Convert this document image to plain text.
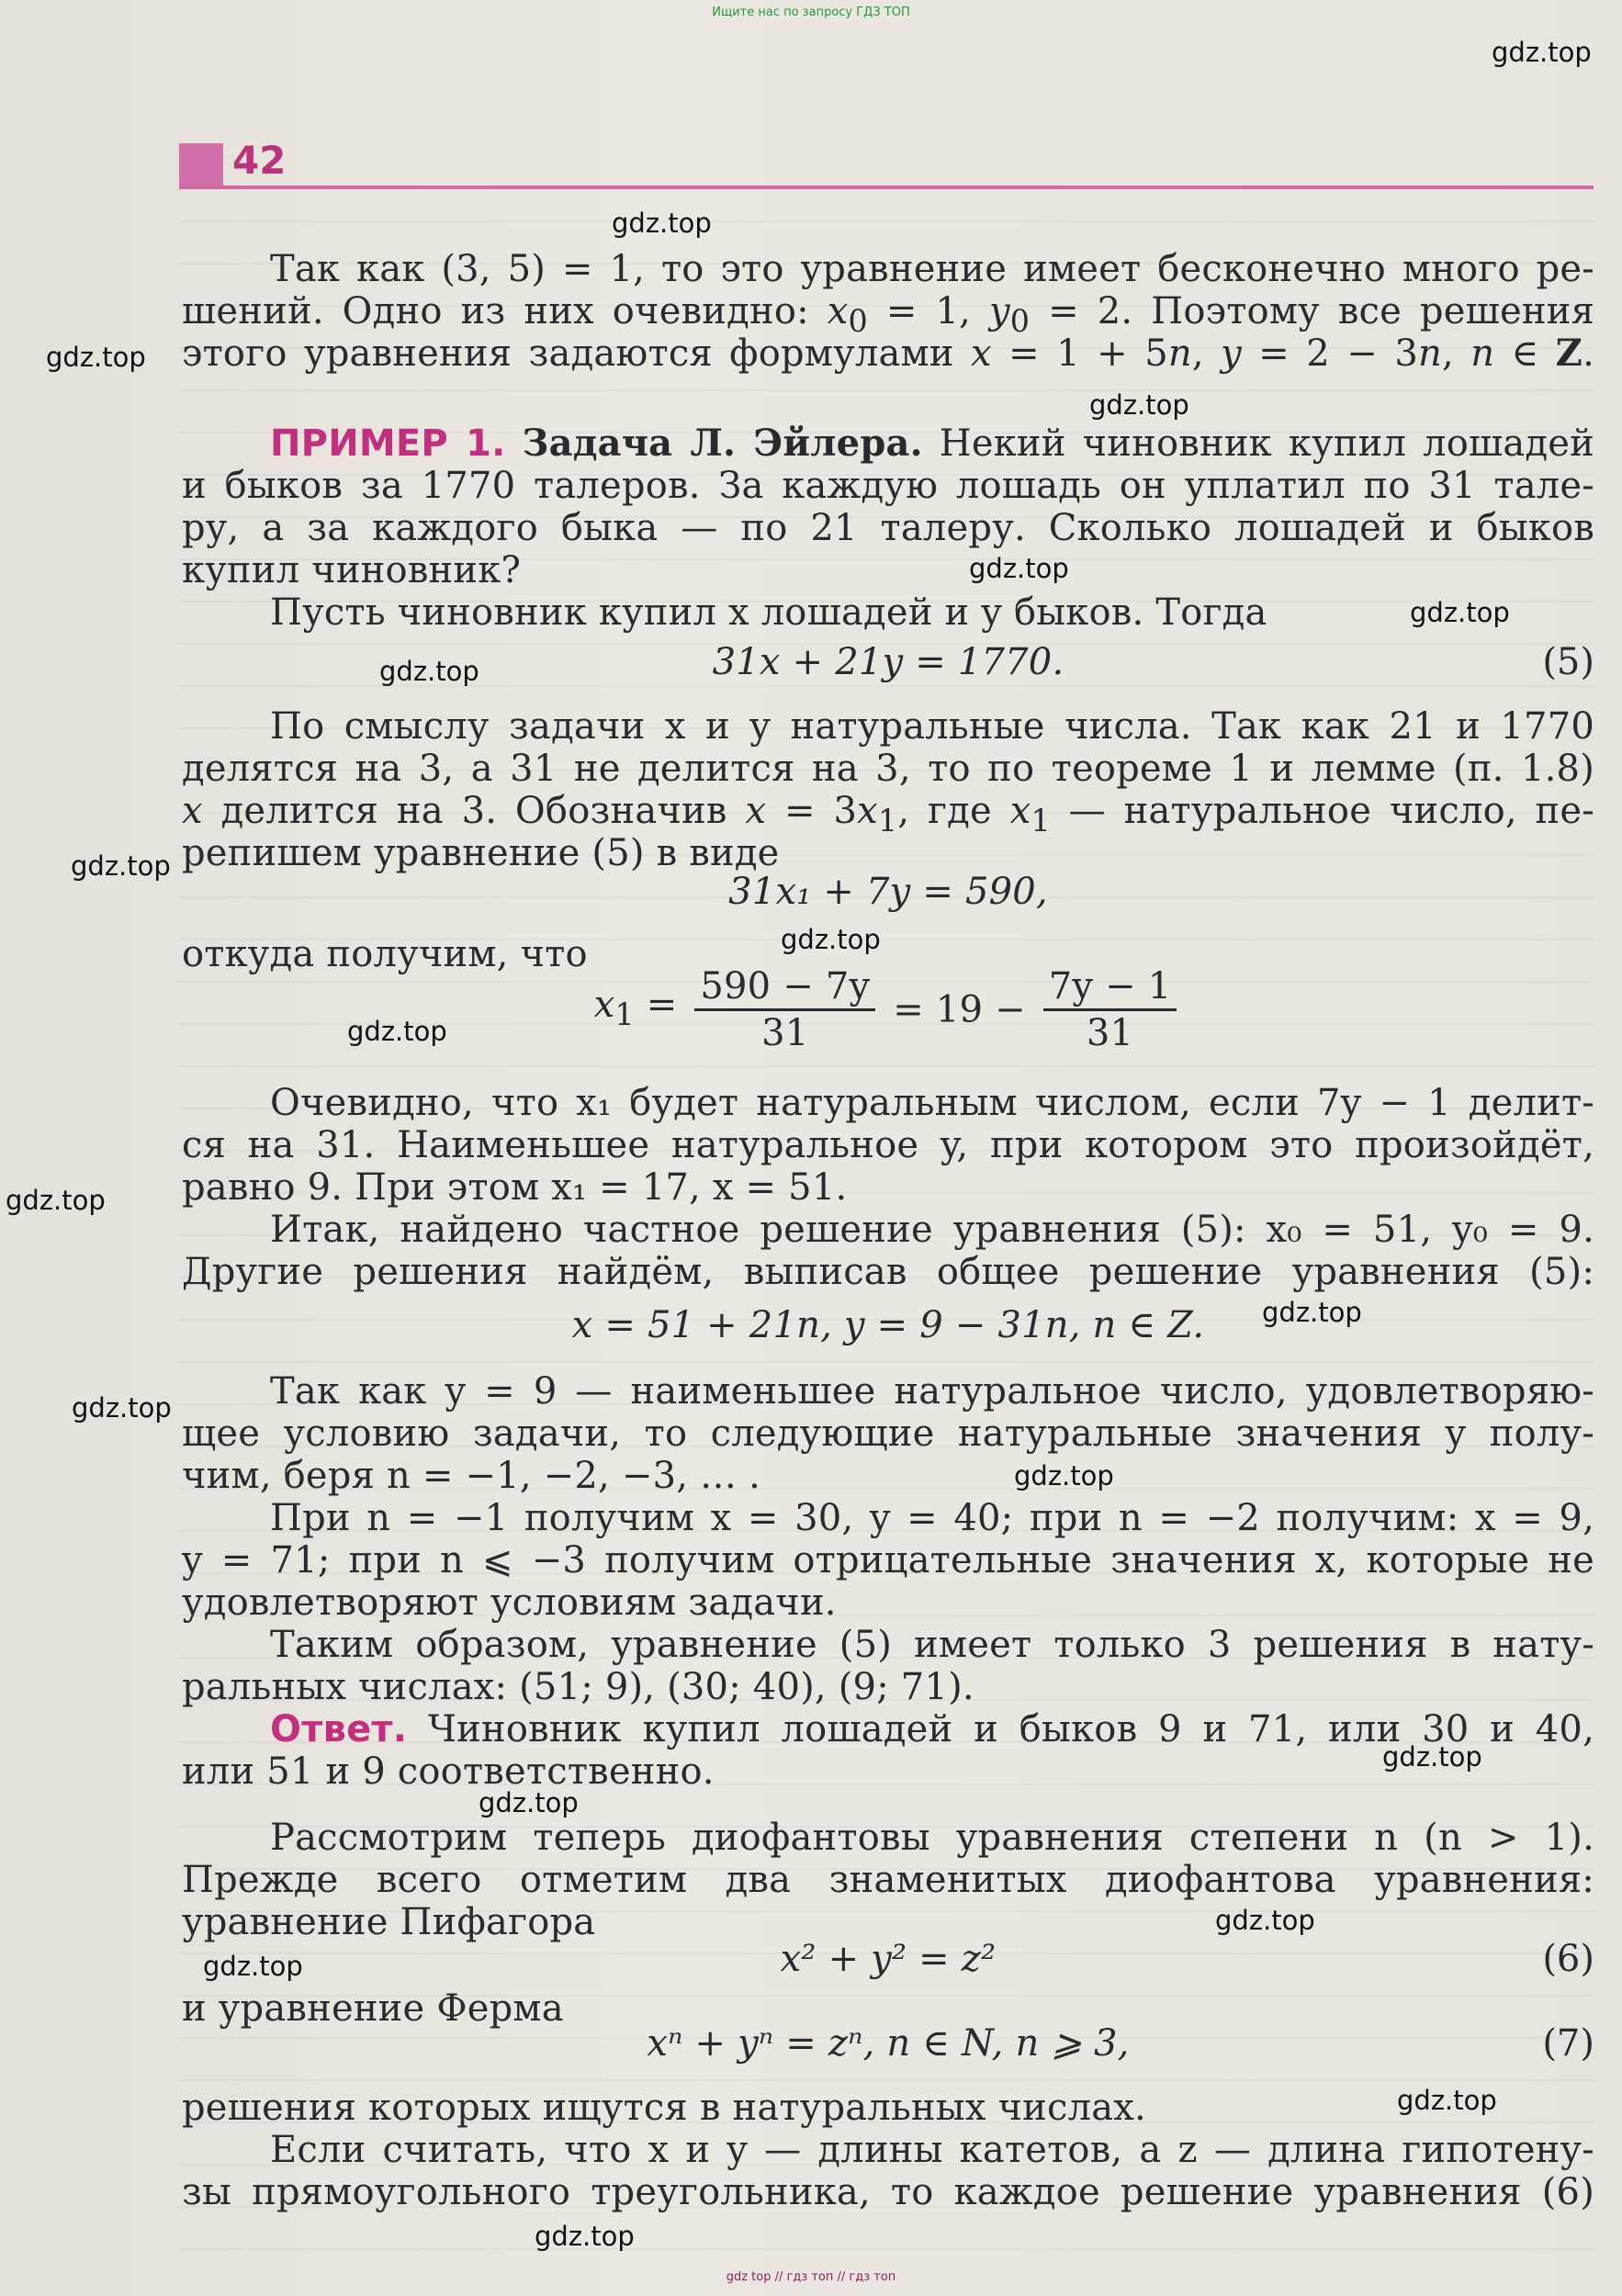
Ищите нас по запросу ГДЗ ТОП
gdz.top
gdz.top
gdz.top
gdz.top
gdz.top
gdz.top
gdz.top
gdz.top
gdz.top
gdz.top
gdz.top
gdz.top
gdz.top
gdz.top
gdz.top
gdz.top
gdz.top
gdz.top
gdz.top
gdz.top
42
Так как (3, 5) = 1, то это уравнение имеет бесконечно много ре-
шений. Одно из них очевидно: $x_0 = 1$, $y_0 = 2$. Поэтому все решения
этого уравнения задаются формулами x = 1 + 5n, y = 2 − 3n, n ∈ Z.
ПРИМЕР 1. Задача Л. Эйлера. Некий чиновник купил лошадей
и быков за 1770 талеров. За каждую лошадь он уплатил по 31 тале-
ру, а за каждого быка — по 21 талеру. Сколько лошадей и быков
купил чиновник?
Пусть чиновник купил x лошадей и y быков. Тогда
31x + 21y = 1770.	(5)
По смыслу задачи x и y натуральные числа. Так как 21 и 1770
делятся на 3, а 31 не делится на 3, то по теореме 1 и лемме (п. 1.8)
x делится на 3. Обозначив $x = 3x_1$, где $x_1$ — натуральное число, пе-
репишем уравнение (5) в виде
31x₁ + 7y = 590,
откуда получим, что
$x_1 = \frac{590 - 7y}{31} = 19 - \frac{7y - 1}{31}$
Очевидно, что x₁ будет натуральным числом, если 7y − 1 делит-
ся на 31. Наименьшее натуральное y, при котором это произойдёт,
равно 9. При этом x₁ = 17, x = 51.
Итак, найдено частное решение уравнения (5): x₀ = 51, y₀ = 9.
Другие решения найдём, выписав общее решение уравнения (5):
x = 51 + 21n, y = 9 − 31n, n ∈ Z.
Так как y = 9 — наименьшее натуральное число, удовлетворяю-
щее условию задачи, то следующие натуральные значения y полу-
чим, беря n = −1, −2, −3, … .
При n = −1 получим x = 30, y = 40; при n = −2 получим: x = 9,
y = 71; при n ⩽ −3 получим отрицательные значения x, которые не
удовлетворяют условиям задачи.
Таким образом, уравнение (5) имеет только 3 решения в нату-
ральных числах: (51; 9), (30; 40), (9; 71).
Ответ. Чиновник купил лошадей и быков 9 и 71, или 30 и 40,
или 51 и 9 соответственно.
Рассмотрим теперь диофантовы уравнения степени n (n > 1).
Прежде всего отметим два знаменитых диофантова уравнения:
уравнение Пифагора
x² + y² = z²	(6)
и уравнение Ферма
xⁿ + yⁿ = zⁿ, n ∈ N, n ⩾ 3,	(7)
решения которых ищутся в натуральных числах.
Если считать, что x и y — длины катетов, а z — длина гипотену-
зы прямоугольного треугольника, то каждое решение уравнения (6)
gdz top // гдз топ // гдз топ
